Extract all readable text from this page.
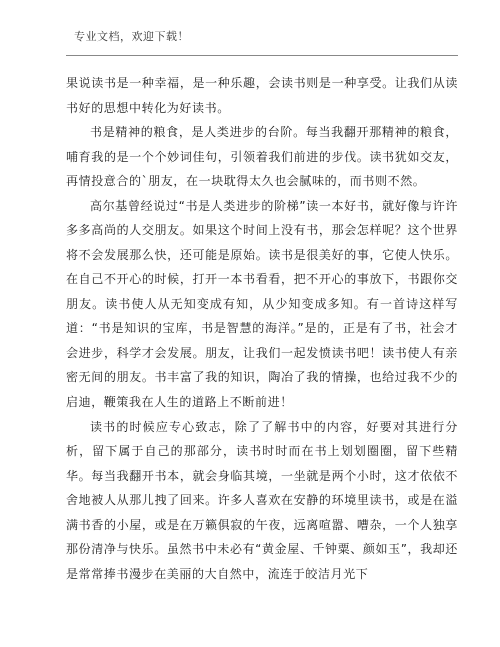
专业文档，欢迎下载！

果说读书是一种幸福，是一种乐趣，会读书则是一种享受。让我们从读书好的思想中转化为好读书。

书是精神的粮食，是人类进步的台阶。每当我翻开那精神的粮食，哺育我的是一个个妙词佳句，引领着我们前进的步伐。读书犹如交友，再情投意合的`朋友，在一块耽得太久也会腻味的，而书则不然。

高尔基曾经说过“书是人类进步的阶梯”读一本好书，就好像与许许多多高尚的人交朋友。如果这个时间上没有书，那会怎样呢？这个世界将不会发展那么快，还可能是原始。读书是很美好的事，它使人快乐。在自己不开心的时候，打开一本书看看，把不开心的事放下，书跟你交朋友。读书使人从无知变成有知，从少知变成多知。有一首诗这样写道：“书是知识的宝库，书是智慧的海洋。”是的，正是有了书，社会才会进步，科学才会发展。朋友，让我们一起发愤读书吧！读书使人有亲密无间的朋友。书丰富了我的知识，陶冶了我的情操，也给过我不少的启迪，鞭策我在人生的道路上不断前进！

读书的时候应专心致志，除了了解书中的内容，好要对其进行分析，留下属于自己的那部分，读书时时而在书上划划圈圈，留下些精华。每当我翻开书本，就会身临其境，一坐就是两个小时，这才依依不舍地被人从那儿拽了回来。许多人喜欢在安静的环境里读书，或是在溢满书香的小屋，或是在万籁俱寂的午夜，远离喧嚣、嘈杂，一个人独享那份清净与快乐。虽然书中未必有“黄金屋、千钟粟、颜如玉”，我却还是常常捧书漫步在美丽的大自然中，流连于皎洁月光下
